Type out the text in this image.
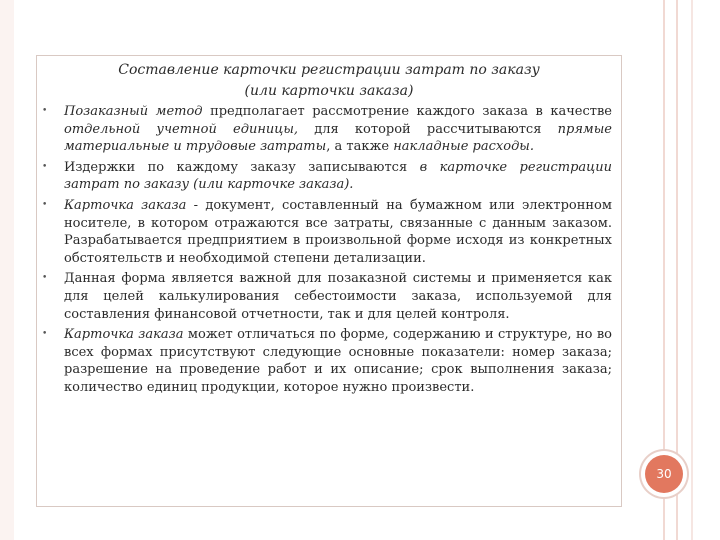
Составление карточки регистрации затрат по заказу
(или карточки заказа)
• Позаказный метод предполагает рассмотрение каждого заказа в качестве отдельной учетной единицы, для которой рассчитываются прямые материальные и трудовые затраты, а также накладные расходы.
• Издержки по каждому заказу записываются в карточке регистрации затрат по заказу (или карточке заказа).
• Карточка заказа - документ, составленный на бумажном или электронном носителе, в котором отражаются все затраты, связанные с данным заказом. Разрабатывается предприятием в произвольной форме исходя из конкретных обстоятельств и необходимой степени детализации.
• Данная форма является важной для позаказной системы и применяется как для целей калькулирования себестоимости заказа, используемой для составления финансовой отчетности, так и для целей контроля.
• Карточка заказа может отличаться по форме, содержанию и структуре, но во всех формах присутствуют следующие основные показатели: номер заказа; разрешение на проведение работ и их описание; срок выполнения заказа; количество единиц продукции, которое нужно произвести.
30
